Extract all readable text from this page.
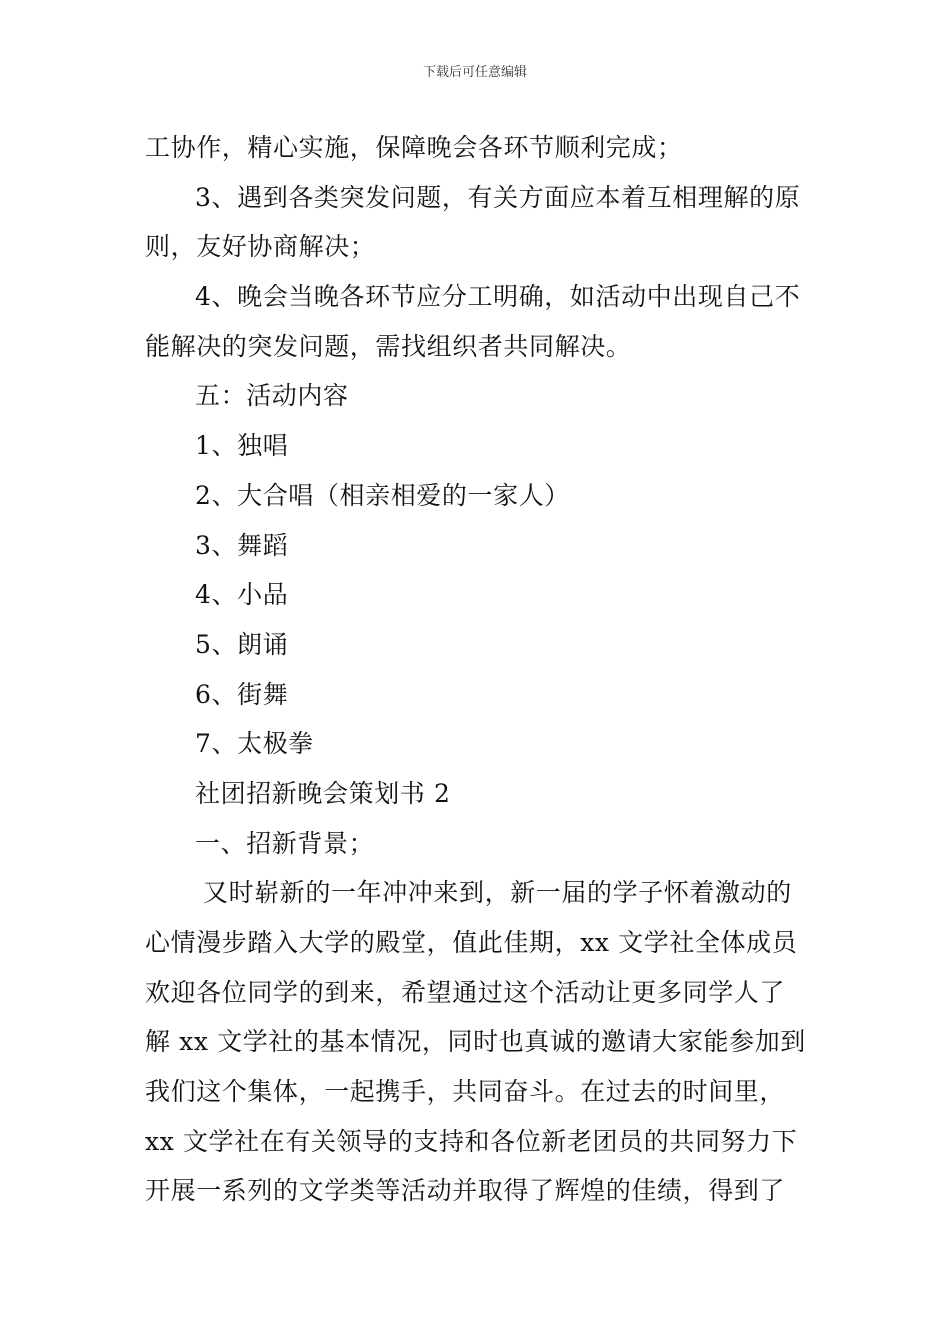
下载后可任意编辑
工协作，精心实施，保障晚会各环节顺利完成；
3、遇到各类突发问题，有关方面应本着互相理解的原
则，友好协商解决；
4、晚会当晚各环节应分工明确，如活动中出现自己不
能解决的突发问题，需找组织者共同解决。
五：活动内容
1、独唱
2、大合唱（相亲相爱的一家人）
3、舞蹈
4、小品
5、朗诵
6、街舞
7、太极拳
社团招新晚会策划书 2
一、招新背景；
又时崭新的一年冲冲来到，新一届的学子怀着激动的
心情漫步踏入大学的殿堂，值此佳期，xx 文学社全体成员
欢迎各位同学的到来，希望通过这个活动让更多同学人了
解 xx 文学社的基本情况，同时也真诚的邀请大家能参加到
我们这个集体，一起携手，共同奋斗。在过去的时间里，
xx 文学社在有关领导的支持和各位新老团员的共同努力下
开展一系列的文学类等活动并取得了辉煌的佳绩，得到了
